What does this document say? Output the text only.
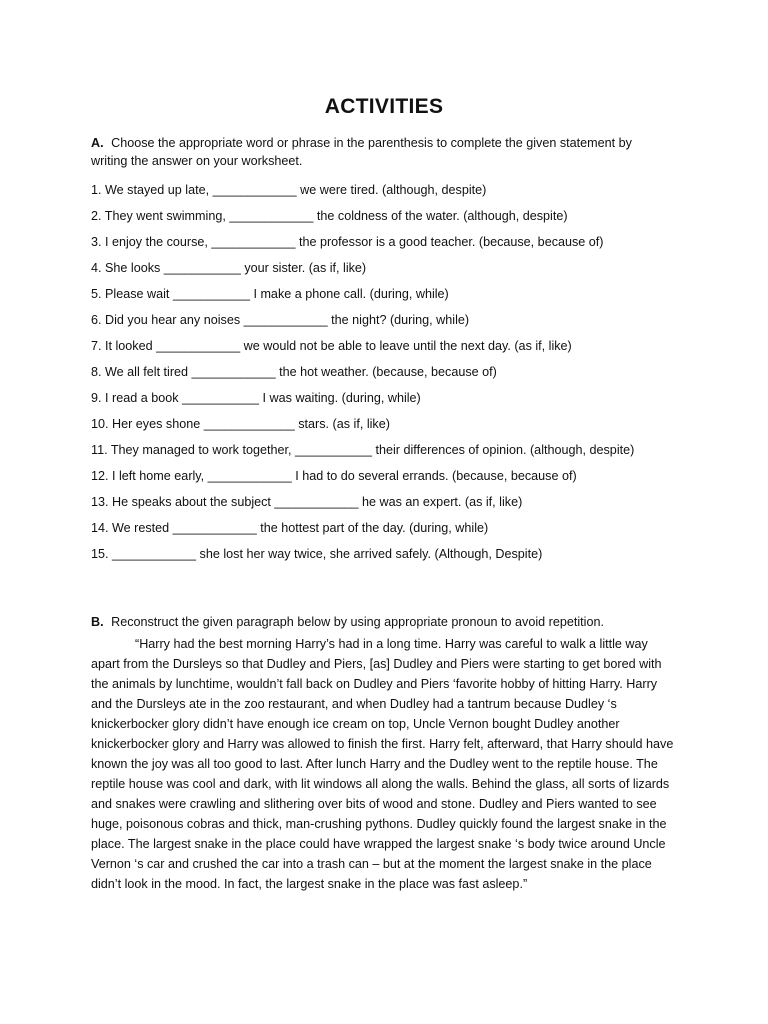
ACTIVITIES

A. Choose the appropriate word or phrase in the parenthesis to complete the given statement by writing the answer on your worksheet.

1. We stayed up late, ____________ we were tired. (although, despite)
2. They went swimming, ____________ the coldness of the water. (although, despite)
3. I enjoy the course, ____________ the professor is a good teacher. (because, because of)
4. She looks ___________ your sister. (as if, like)
5. Please wait ___________ I make a phone call. (during, while)
6. Did you hear any noises ____________ the night? (during, while)
7. It looked ____________ we would not be able to leave until the next day. (as if, like)
8. We all felt tired ____________ the hot weather. (because, because of)
9. I read a book ___________ I was waiting. (during, while)
10. Her eyes shone _____________ stars. (as if, like)
11. They managed to work together, ___________ their differences of opinion. (although, despite)
12. I left home early, ____________ I had to do several errands. (because, because of)
13. He speaks about the subject ____________ he was an expert. (as if, like)
14. We rested ____________ the hottest part of the day. (during, while)
15. ____________ she lost her way twice, she arrived safely. (Although, Despite)

B. Reconstruct the given paragraph below by using appropriate pronoun to avoid repetition.

“Harry had the best morning Harry’s had in a long time. Harry was careful to walk a little way apart from the Dursleys so that Dudley and Piers, [as] Dudley and Piers were starting to get bored with the animals by lunchtime, wouldn’t fall back on Dudley and Piers ‘favorite hobby of hitting Harry. Harry and the Dursleys ate in the zoo restaurant, and when Dudley had a tantrum because Dudley ‘s knickerbocker glory didn’t have enough ice cream on top, Uncle Vernon bought Dudley another knickerbocker glory and Harry was allowed to finish the first. Harry felt, afterward, that Harry should have known the joy was all too good to last. After lunch Harry and the Dudley went to the reptile house. The reptile house was cool and dark, with lit windows all along the walls. Behind the glass, all sorts of lizards and snakes were crawling and slithering over bits of wood and stone. Dudley and Piers wanted to see huge, poisonous cobras and thick, man-crushing pythons. Dudley quickly found the largest snake in the place. The largest snake in the place could have wrapped the largest snake ‘s body twice around Uncle Vernon ‘s car and crushed the car into a trash can – but at the moment the largest snake in the place didn’t look in the mood. In fact, the largest snake in the place was fast asleep.”
